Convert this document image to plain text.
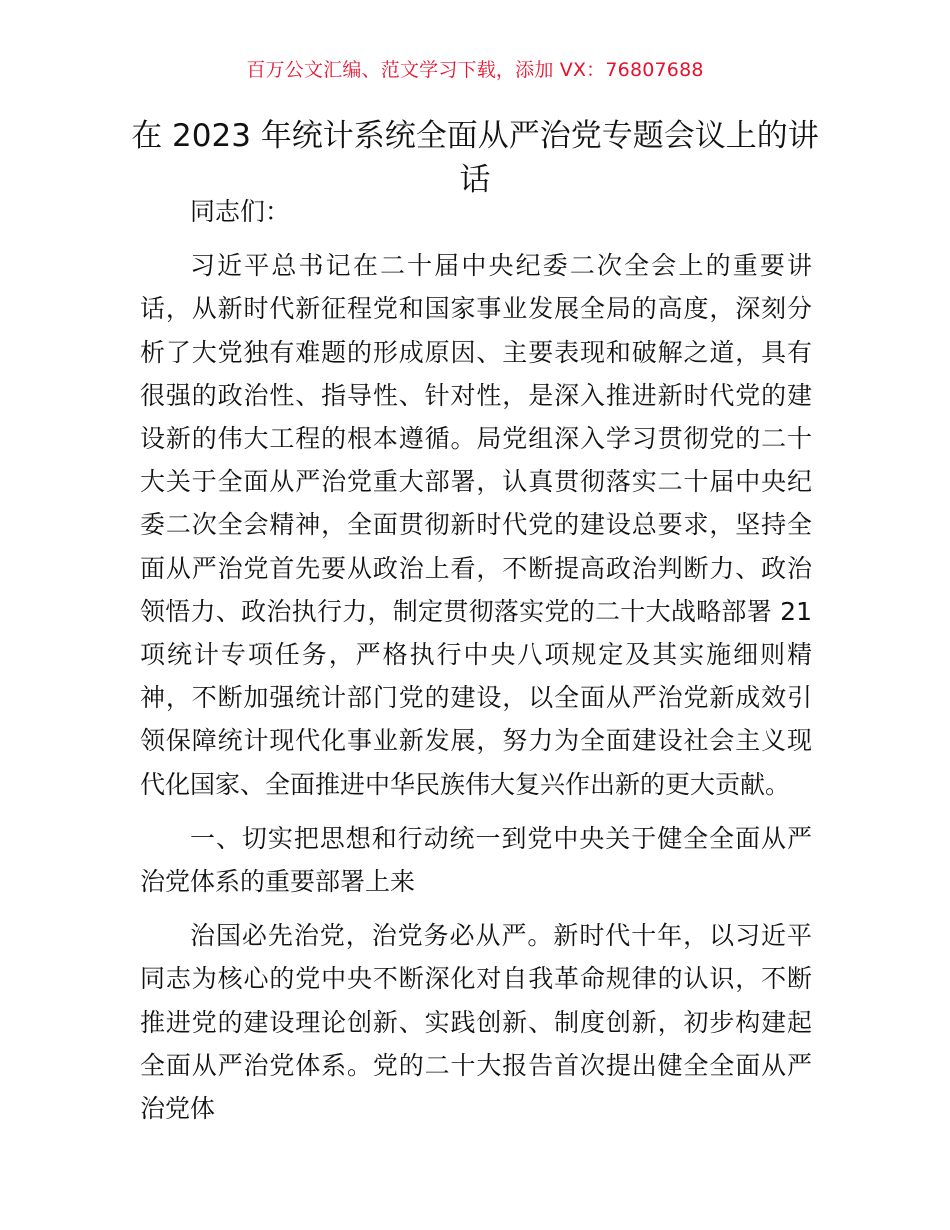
百万公文汇编、范文学习下载，添加 VX：76807688
在 2023 年统计系统全面从严治党专题会议上的讲话

同志们：

习近平总书记在二十届中央纪委二次全会上的重要讲话，从新时代新征程党和国家事业发展全局的高度，深刻分析了大党独有难题的形成原因、主要表现和破解之道，具有很强的政治性、指导性、针对性，是深入推进新时代党的建设新的伟大工程的根本遵循。局党组深入学习贯彻党的二十大关于全面从严治党重大部署，认真贯彻落实二十届中央纪委二次全会精神，全面贯彻新时代党的建设总要求，坚持全面从严治党首先要从政治上看，不断提高政治判断力、政治领悟力、政治执行力，制定贯彻落实党的二十大战略部署 21 项统计专项任务，严格执行中央八项规定及其实施细则精神，不断加强统计部门党的建设，以全面从严治党新成效引领保障统计现代化事业新发展，努力为全面建设社会主义现代化国家、全面推进中华民族伟大复兴作出新的更大贡献。

一、切实把思想和行动统一到党中央关于健全全面从严治党体系的重要部署上来

治国必先治党，治党务必从严。新时代十年，以习近平同志为核心的党中央不断深化对自我革命规律的认识，不断推进党的建设理论创新、实践创新、制度创新，初步构建起全面从严治党体系。党的二十大报告首次提出健全全面从严治党体
